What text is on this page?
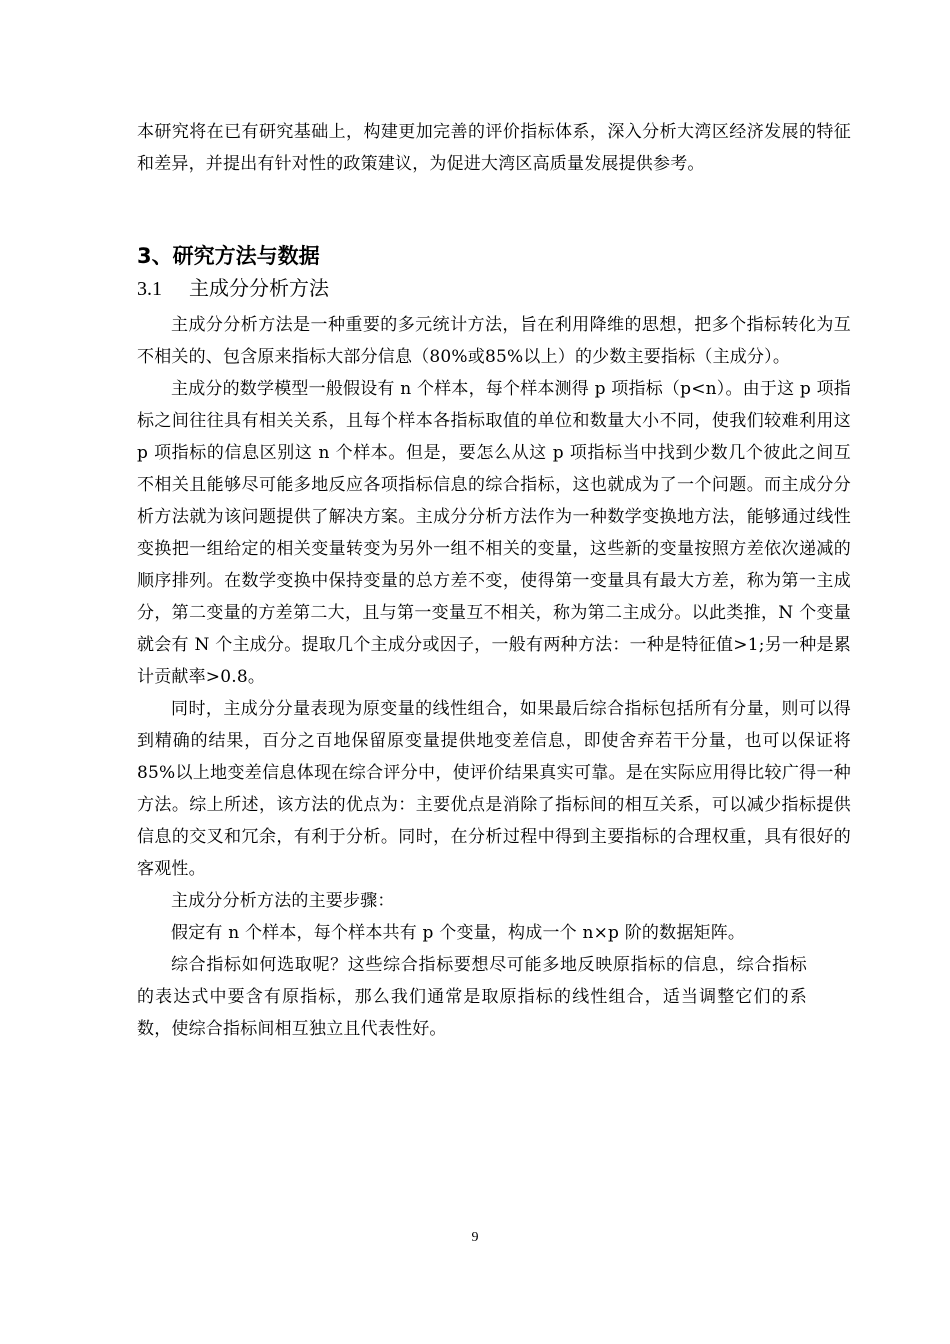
本研究将在已有研究基础上，构建更加完善的评价指标体系，深入分析大湾区经济发展的特征和差异，并提出有针对性的政策建议，为促进大湾区高质量发展提供参考。

3、研究方法与数据
3.1 主成分分析方法

主成分分析方法是一种重要的多元统计方法，旨在利用降维的思想，把多个指标转化为互不相关的、包含原来指标大部分信息（80%或85%以上）的少数主要指标（主成分）。

主成分的数学模型一般假设有 n 个样本，每个样本测得 p 项指标（p<n）。由于这 p 项指标之间往往具有相关关系，且每个样本各指标取值的单位和数量大小不同，使我们较难利用这 p 项指标的信息区别这 n 个样本。但是，要怎么从这 p 项指标当中找到少数几个彼此之间互不相关且能够尽可能多地反应各项指标信息的综合指标，这也就成为了一个问题。而主成分分析方法就为该问题提供了解决方案。主成分分析方法作为一种数学变换地方法，能够通过线性变换把一组给定的相关变量转变为另外一组不相关的变量，这些新的变量按照方差依次递减的顺序排列。在数学变换中保持变量的总方差不变，使得第一变量具有最大方差，称为第一主成分，第二变量的方差第二大，且与第一变量互不相关，称为第二主成分。以此类推，N 个变量就会有 N 个主成分。提取几个主成分或因子，一般有两种方法：一种是特征值>1;另一种是累计贡献率>0.8。

同时，主成分分量表现为原变量的线性组合，如果最后综合指标包括所有分量，则可以得到精确的结果，百分之百地保留原变量提供地变差信息，即使舍弃若干分量，也可以保证将 85%以上地变差信息体现在综合评分中，使评价结果真实可靠。是在实际应用得比较广得一种方法。综上所述，该方法的优点为：主要优点是消除了指标间的相互关系，可以减少指标提供信息的交叉和冗余，有利于分析。同时，在分析过程中得到主要指标的合理权重，具有很好的客观性。

主成分分析方法的主要步骤：

假定有 n 个样本，每个样本共有 p 个变量，构成一个 n×p 阶的数据矩阵。

综合指标如何选取呢？这些综合指标要想尽可能多地反映原指标的信息，综合指标的表达式中要含有原指标，那么我们通常是取原指标的线性组合，适当调整它们的系数，使综合指标间相互独立且代表性好。

9
